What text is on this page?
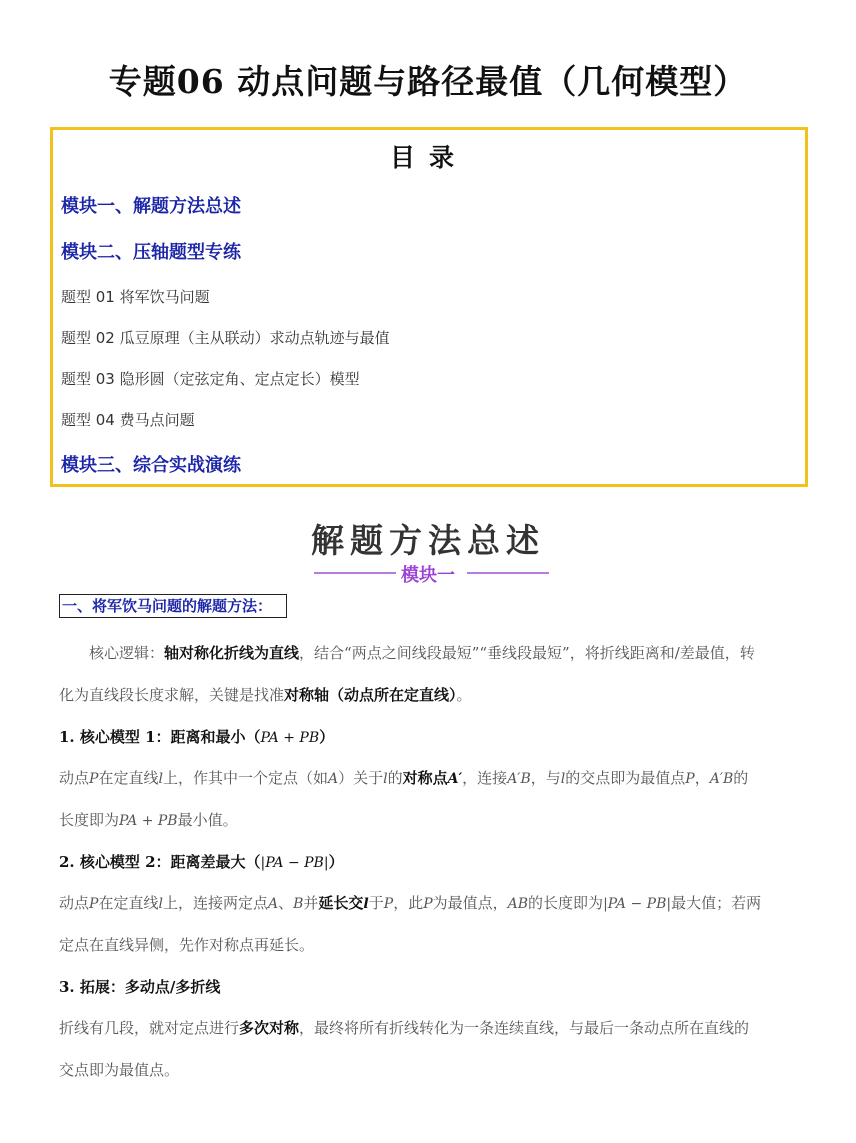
专题06 动点问题与路径最值（几何模型）
目录
模块一、解题方法总述
模块二、压轴题型专练
题型 01 将军饮马问题
题型 02 瓜豆原理（主从联动）求动点轨迹与最值
题型 03 隐形圆（定弦定角、定点定长）模型
题型 04 费马点问题
模块三、综合实战演练
解题方法总述
模块一
一、将军饮马问题的解题方法：
核心逻辑：轴对称化折线为直线，结合“两点之间线段最短”“垂线段最短”，将折线距离和/差最值，转
化为直线段长度求解，关键是找准对称轴（动点所在定直线）。
1. 核心模型 1：距离和最小（PA + PB）
动点P在定直线l上，作其中一个定点（如A）关于l的对称点A′，连接A′B，与l的交点即为最值点P，A′B的
长度即为PA + PB最小值。
2. 核心模型 2：距离差最大（|PA − PB|）
动点P在定直线l上，连接两定点A、B并延长交l于P，此P为最值点，AB的长度即为|PA − PB|最大值；若两
定点在直线异侧，先作对称点再延长。
3. 拓展：多动点/多折线
折线有几段，就对定点进行多次对称，最终将所有折线转化为一条连续直线，与最后一条动点所在直线的
交点即为最值点。
